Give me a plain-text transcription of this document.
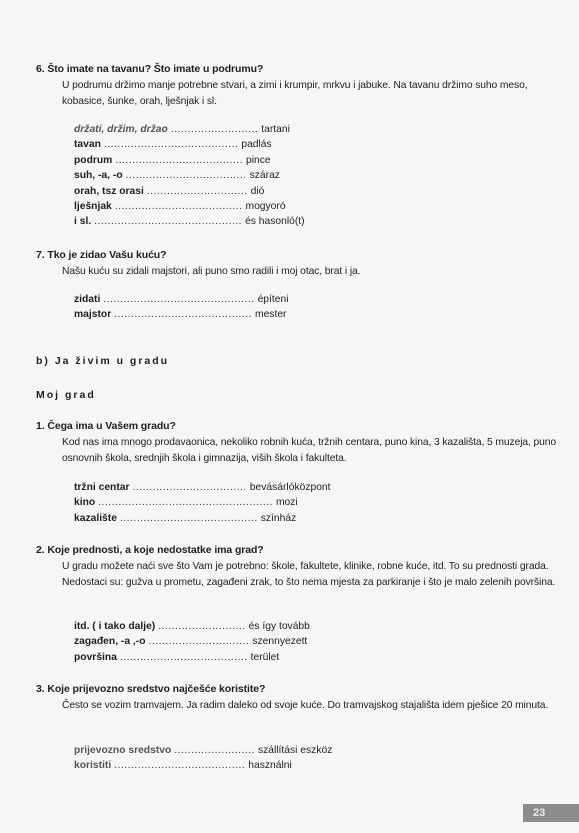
6. Što imate na tavanu? Što imate u podrumu?
U podrumu držimo manje potrebne stvari, a zimi i krumpir, mrkvu i jabuke. Na tavanu držimo suho meso, kobasice, šunke, orah, lješnjak i sl.
držati, držim, držao .......................... tartani
tavan ........................................ padlás
podrum ...................................... pince
suh, -a, -o .................................... száraz
orah, tsz orasi .............................. dió
lješnjak ...................................... mogyoró
i sl. ............................................ és hasonló(t)
7. Tko je zidao Vašu kuću?
Našu kuću su zidali majstori, ali puno smo radili i moj otac, brat i ja.
zidati ............................................. építeni
majstor ......................................... mester
b) Ja živim u gradu
Moj grad
1. Čega ima u Vašem gradu?
Kod nas ima mnogo prodavaonica, nekoliko robnih kuća, tržnih centara, puno kina, 3 kazališta, 5 muzeja, puno osnovnih škola, srednjih škola i gimnazija, viših škola i fakulteta.
tržni centar .................................. bevásárlóközpont
kino .................................................... mozi
kazalište ......................................... színház
2. Koje prednosti, a koje nedostatke ima grad?
U gradu možete naći sve što Vam je potrebno: škole, fakultete, klinike, robne kuće, itd. To su prednosti grada. Nedostaci su: gužva u prometu, zagađeni zrak, to što nema mjesta za parkiranje i što je malo zelenih površina.
itd. ( i tako dalje) .......................... és így tovább
zagađen, -a ,-o .............................. szennyezett
površina ...................................... terület
3. Koje prijevozno sredstvo najčešće koristite?
Često se vozim tramvajem. Ja radim daleko od svoje kuće. Do tramvajskog stajališta idem pješice 20 minuta.
prijevozno sredstvo ........................ szállítási eszköz
koristiti ....................................... használni
23
